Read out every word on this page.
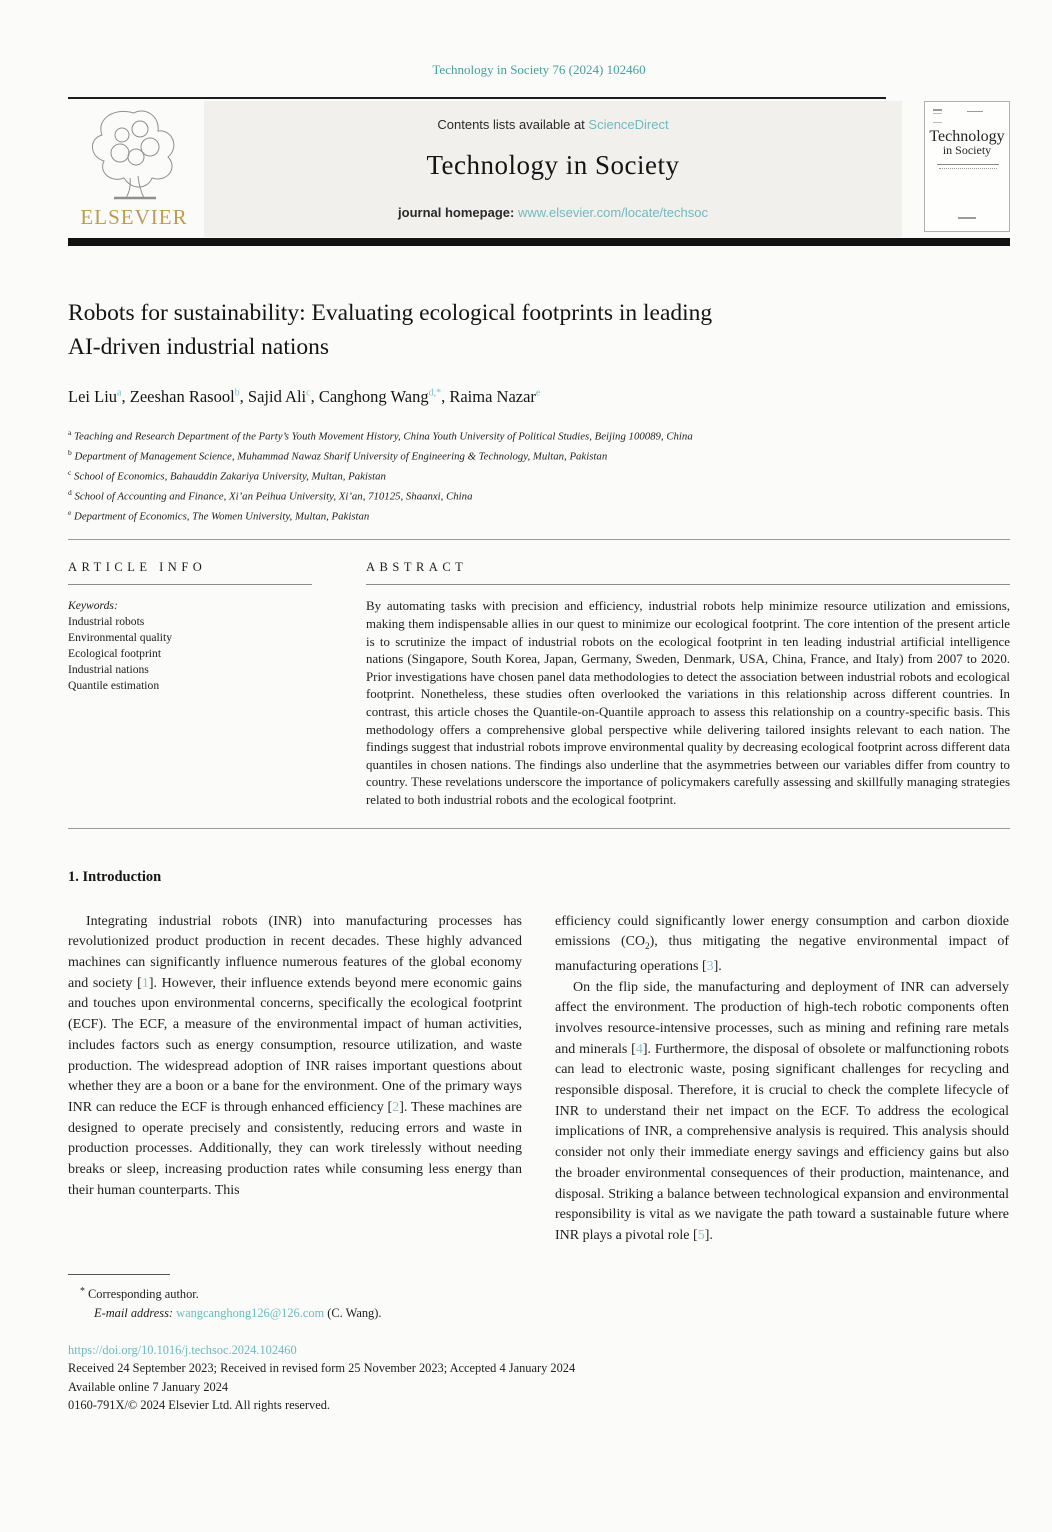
Technology in Society 76 (2024) 102460
ELSEVIER
Contents lists available at ScienceDirect
Technology in Society
journal homepage: www.elsevier.com/locate/techsoc
Technology
in Society
Robots for sustainability: Evaluating ecological footprints in leading
AI-driven industrial nations
Lei Liu$^a$, Zeeshan Rasool$^b$, Sajid Ali$^c$, Canghong Wang$^{d,*}$, Raima Nazar$^e$
$^a$ Teaching and Research Department of the Party’s Youth Movement History, China Youth University of Political Studies, Beijing 100089, China
$^b$ Department of Management Science, Muhammad Nawaz Sharif University of Engineering & Technology, Multan, Pakistan
$^c$ School of Economics, Bahauddin Zakariya University, Multan, Pakistan
$^d$ School of Accounting and Finance, Xi’an Peihua University, Xi’an, 710125, Shaanxi, China
$^e$ Department of Economics, The Women University, Multan, Pakistan
ARTICLE INFO
Keywords:
Industrial robots
Environmental quality
Ecological footprint
Industrial nations
Quantile estimation
ABSTRACT
By automating tasks with precision and efficiency, industrial robots help minimize resource utilization and emissions, making them indispensable allies in our quest to minimize our ecological footprint. The core intention of the present article is to scrutinize the impact of industrial robots on the ecological footprint in ten leading industrial artificial intelligence nations (Singapore, South Korea, Japan, Germany, Sweden, Denmark, USA, China, France, and Italy) from 2007 to 2020. Prior investigations have chosen panel data methodologies to detect the association between industrial robots and ecological footprint. Nonetheless, these studies often overlooked the variations in this relationship across different countries. In contrast, this article choses the Quantile-on-Quantile approach to assess this relationship on a country-specific basis. This methodology offers a comprehensive global perspective while delivering tailored insights relevant to each nation. The findings suggest that industrial robots improve environmental quality by decreasing ecological footprint across different data quantiles in chosen nations. The findings also underline that the asymmetries between our variables differ from country to country. These revelations underscore the importance of policymakers carefully assessing and skillfully managing strategies related to both industrial robots and the ecological footprint.
1. Introduction

Integrating industrial robots (INR) into manufacturing processes has revolutionized product production in recent decades. These highly advanced machines can significantly influence numerous features of the global economy and society [1]. However, their influence extends beyond mere economic gains and touches upon environmental concerns, specifically the ecological footprint (ECF). The ECF, a measure of the environmental impact of human activities, includes factors such as energy consumption, resource utilization, and waste production. The widespread adoption of INR raises important questions about whether they are a boon or a bane for the environment. One of the primary ways INR can reduce the ECF is through enhanced efficiency [2]. These machines are designed to operate precisely and consistently, reducing errors and waste in production processes. Additionally, they can work tirelessly without needing breaks or sleep, increasing production rates while consuming less energy than their human counterparts. This

efficiency could significantly lower energy consumption and carbon dioxide emissions $(CO_2)$, thus mitigating the negative environmental impact of manufacturing operations [3].

On the flip side, the manufacturing and deployment of INR can adversely affect the environment. The production of high-tech robotic components often involves resource-intensive processes, such as mining and refining rare metals and minerals [4]. Furthermore, the disposal of obsolete or malfunctioning robots can lead to electronic waste, posing significant challenges for recycling and responsible disposal. Therefore, it is crucial to check the complete lifecycle of INR to understand their net impact on the ECF. To address the ecological implications of INR, a comprehensive analysis is required. This analysis should consider not only their immediate energy savings and efficiency gains but also the broader environmental consequences of their production, maintenance, and disposal. Striking a balance between technological expansion and environmental responsibility is vital as we navigate the path toward a sustainable future where INR plays a pivotal role [5].

* Corresponding author.
E-mail address: wangcanghong126@126.com (C. Wang).
https://doi.org/10.1016/j.techsoc.2024.102460
Received 24 September 2023; Received in revised form 25 November 2023; Accepted 4 January 2024
Available online 7 January 2024
0160-791X/© 2024 Elsevier Ltd. All rights reserved.
